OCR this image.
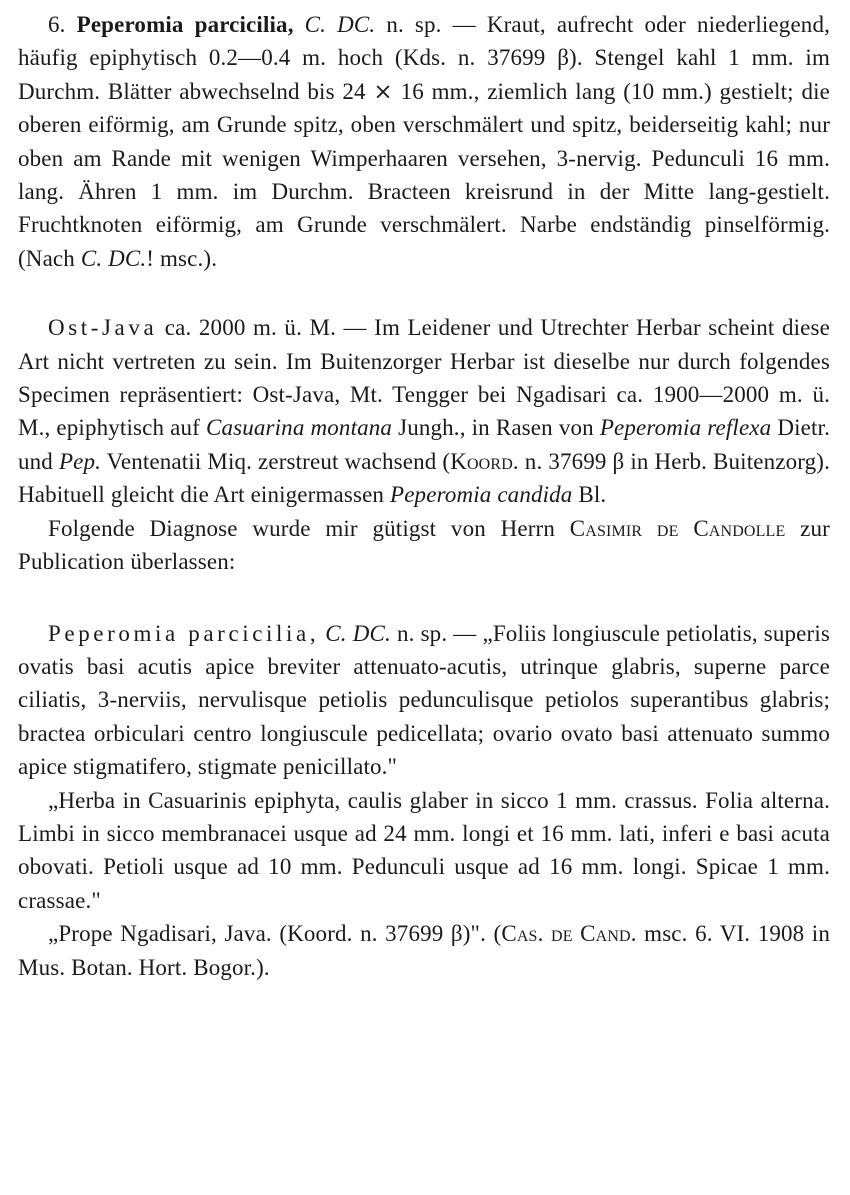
6. Peperomia parcicilia, C. DC. n. sp. — Kraut, aufrecht oder niederliegend, häufig epiphytisch 0.2—0.4 m. hoch (Kds. n. 37699 β). Stengel kahl 1 mm. im Durchm. Blätter abwechselnd bis 24 ⨯ 16 mm., ziemlich lang (10 mm.) gestielt; die oberen eiförmig, am Grunde spitz, oben verschmälert und spitz, beiderseitig kahl; nur oben am Rande mit wenigen Wimperhaaren versehen, 3-nervig. Pedunculi 16 mm. lang. Ähren 1 mm. im Durchm. Bracteen kreisrund in der Mitte lang-gestielt. Fruchtknoten eiförmig, am Grunde verschmälert. Narbe endständig pinselförmig. (Nach C. DC.! msc.).

Ost-Java ca. 2000 m. ü. M. — Im Leidener und Utrechter Herbar scheint diese Art nicht vertreten zu sein. Im Buitenzorger Herbar ist dieselbe nur durch folgendes Specimen repräsentiert: Ost-Java, Mt. Tengger bei Ngadisari ca. 1900—2000 m. ü. M., epiphytisch auf Casuarina montana Jungh., in Rasen von Peperomia reflexa Dietr. und Pep. Ventenatii Miq. zerstreut wachsend (Koord. n. 37699 β in Herb. Buitenzorg). Habituell gleicht die Art einigermassen Peperomia candida Bl.

Folgende Diagnose wurde mir gütigst von Herrn Casimir de Candolle zur Publication überlassen:

Peperomia parcicilia, C. DC. n. sp. — „Foliis longiuscule petiolatis, superis ovatis basi acutis apice breviter attenuato-acutis, utrinque glabris, superne parce ciliatis, 3-nerviis, nervulisque petiolis pedunculisque petiolos superantibus glabris; bractea orbiculari centro longiuscule pedicellata; ovario ovato basi attenuato summo apice stigmatifero, stigmate penicillato."

„Herba in Casuarinis epiphyta, caulis glaber in sicco 1 mm. crassus. Folia alterna. Limbi in sicco membranacei usque ad 24 mm. longi et 16 mm. lati, inferi e basi acuta obovati. Petioli usque ad 10 mm. Pedunculi usque ad 16 mm. longi. Spicae 1 mm. crassae."

„Prope Ngadisari, Java. (Koord. n. 37699 β)". (Cas. de Cand. msc. 6. VI. 1908 in Mus. Botan. Hort. Bogor.).
